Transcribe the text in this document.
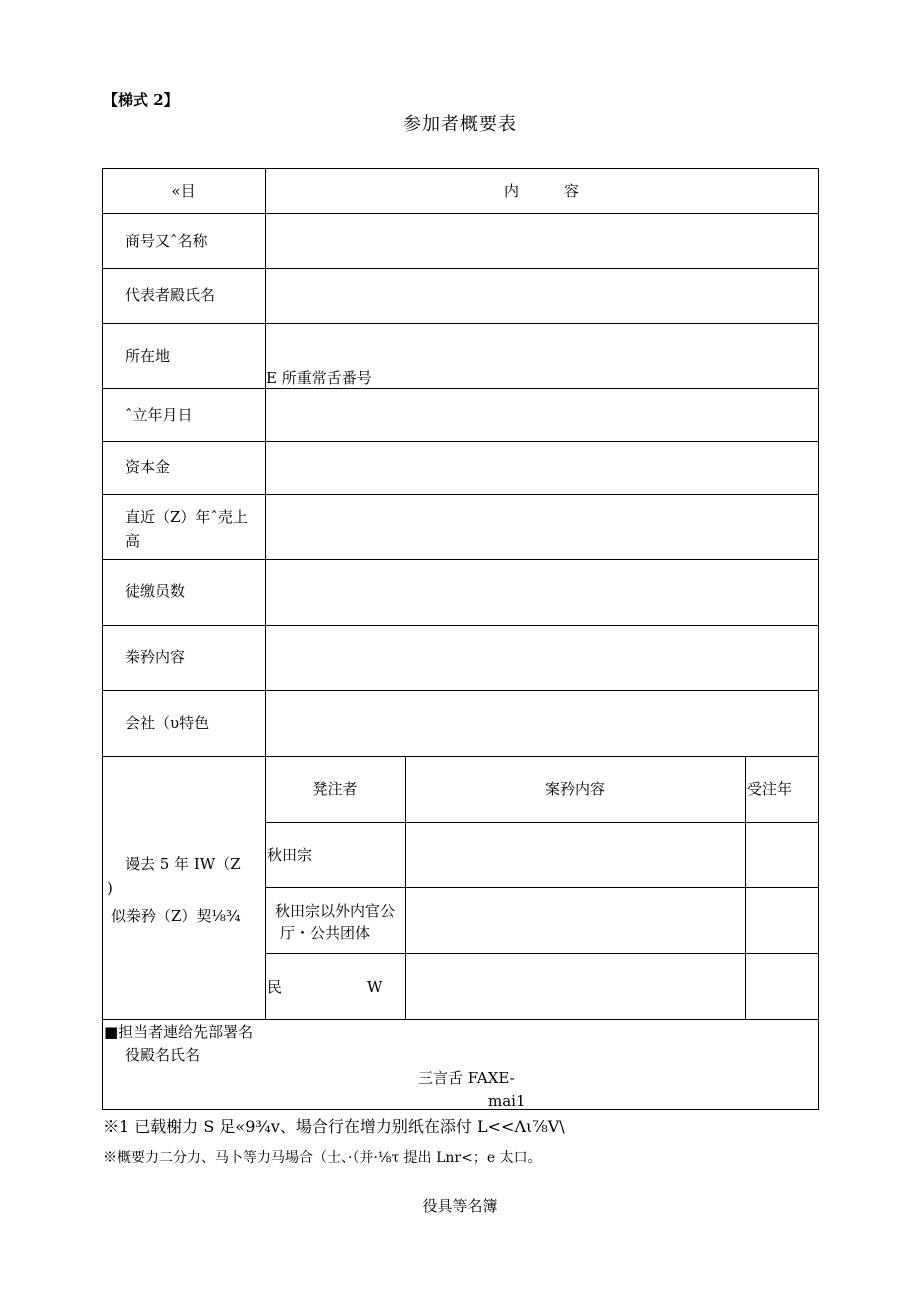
【梯式 2】
参加者概要表
«目	内　　　容
商号又ˆ名称
代表者殿氏名
所在地
E 所重常舌番号
ˆ立年月日
资本金
直近（Z）年ˆ売上
高
徒缴员数
桊矜内容
会社（υ特色
谩去 5 年 IW（Z
)
似桊矜（Z）契⅛¾
凳注者	案矜内容	受注年
秋田宗
秋田宗以外内官公
厅・公共团体
民	W
■担当者連给先部署名
役殿名氏名
三言舌 FAXE-
mai1
※1 已载榭力 S 足«9¾v、場合行在增力别纸在添付 L<<Λι⅞V\
※概要力二分力、马卜等力马場合（士、·（并·⅛τ 提出 Lnr<；e 太口。
役具等名簿
